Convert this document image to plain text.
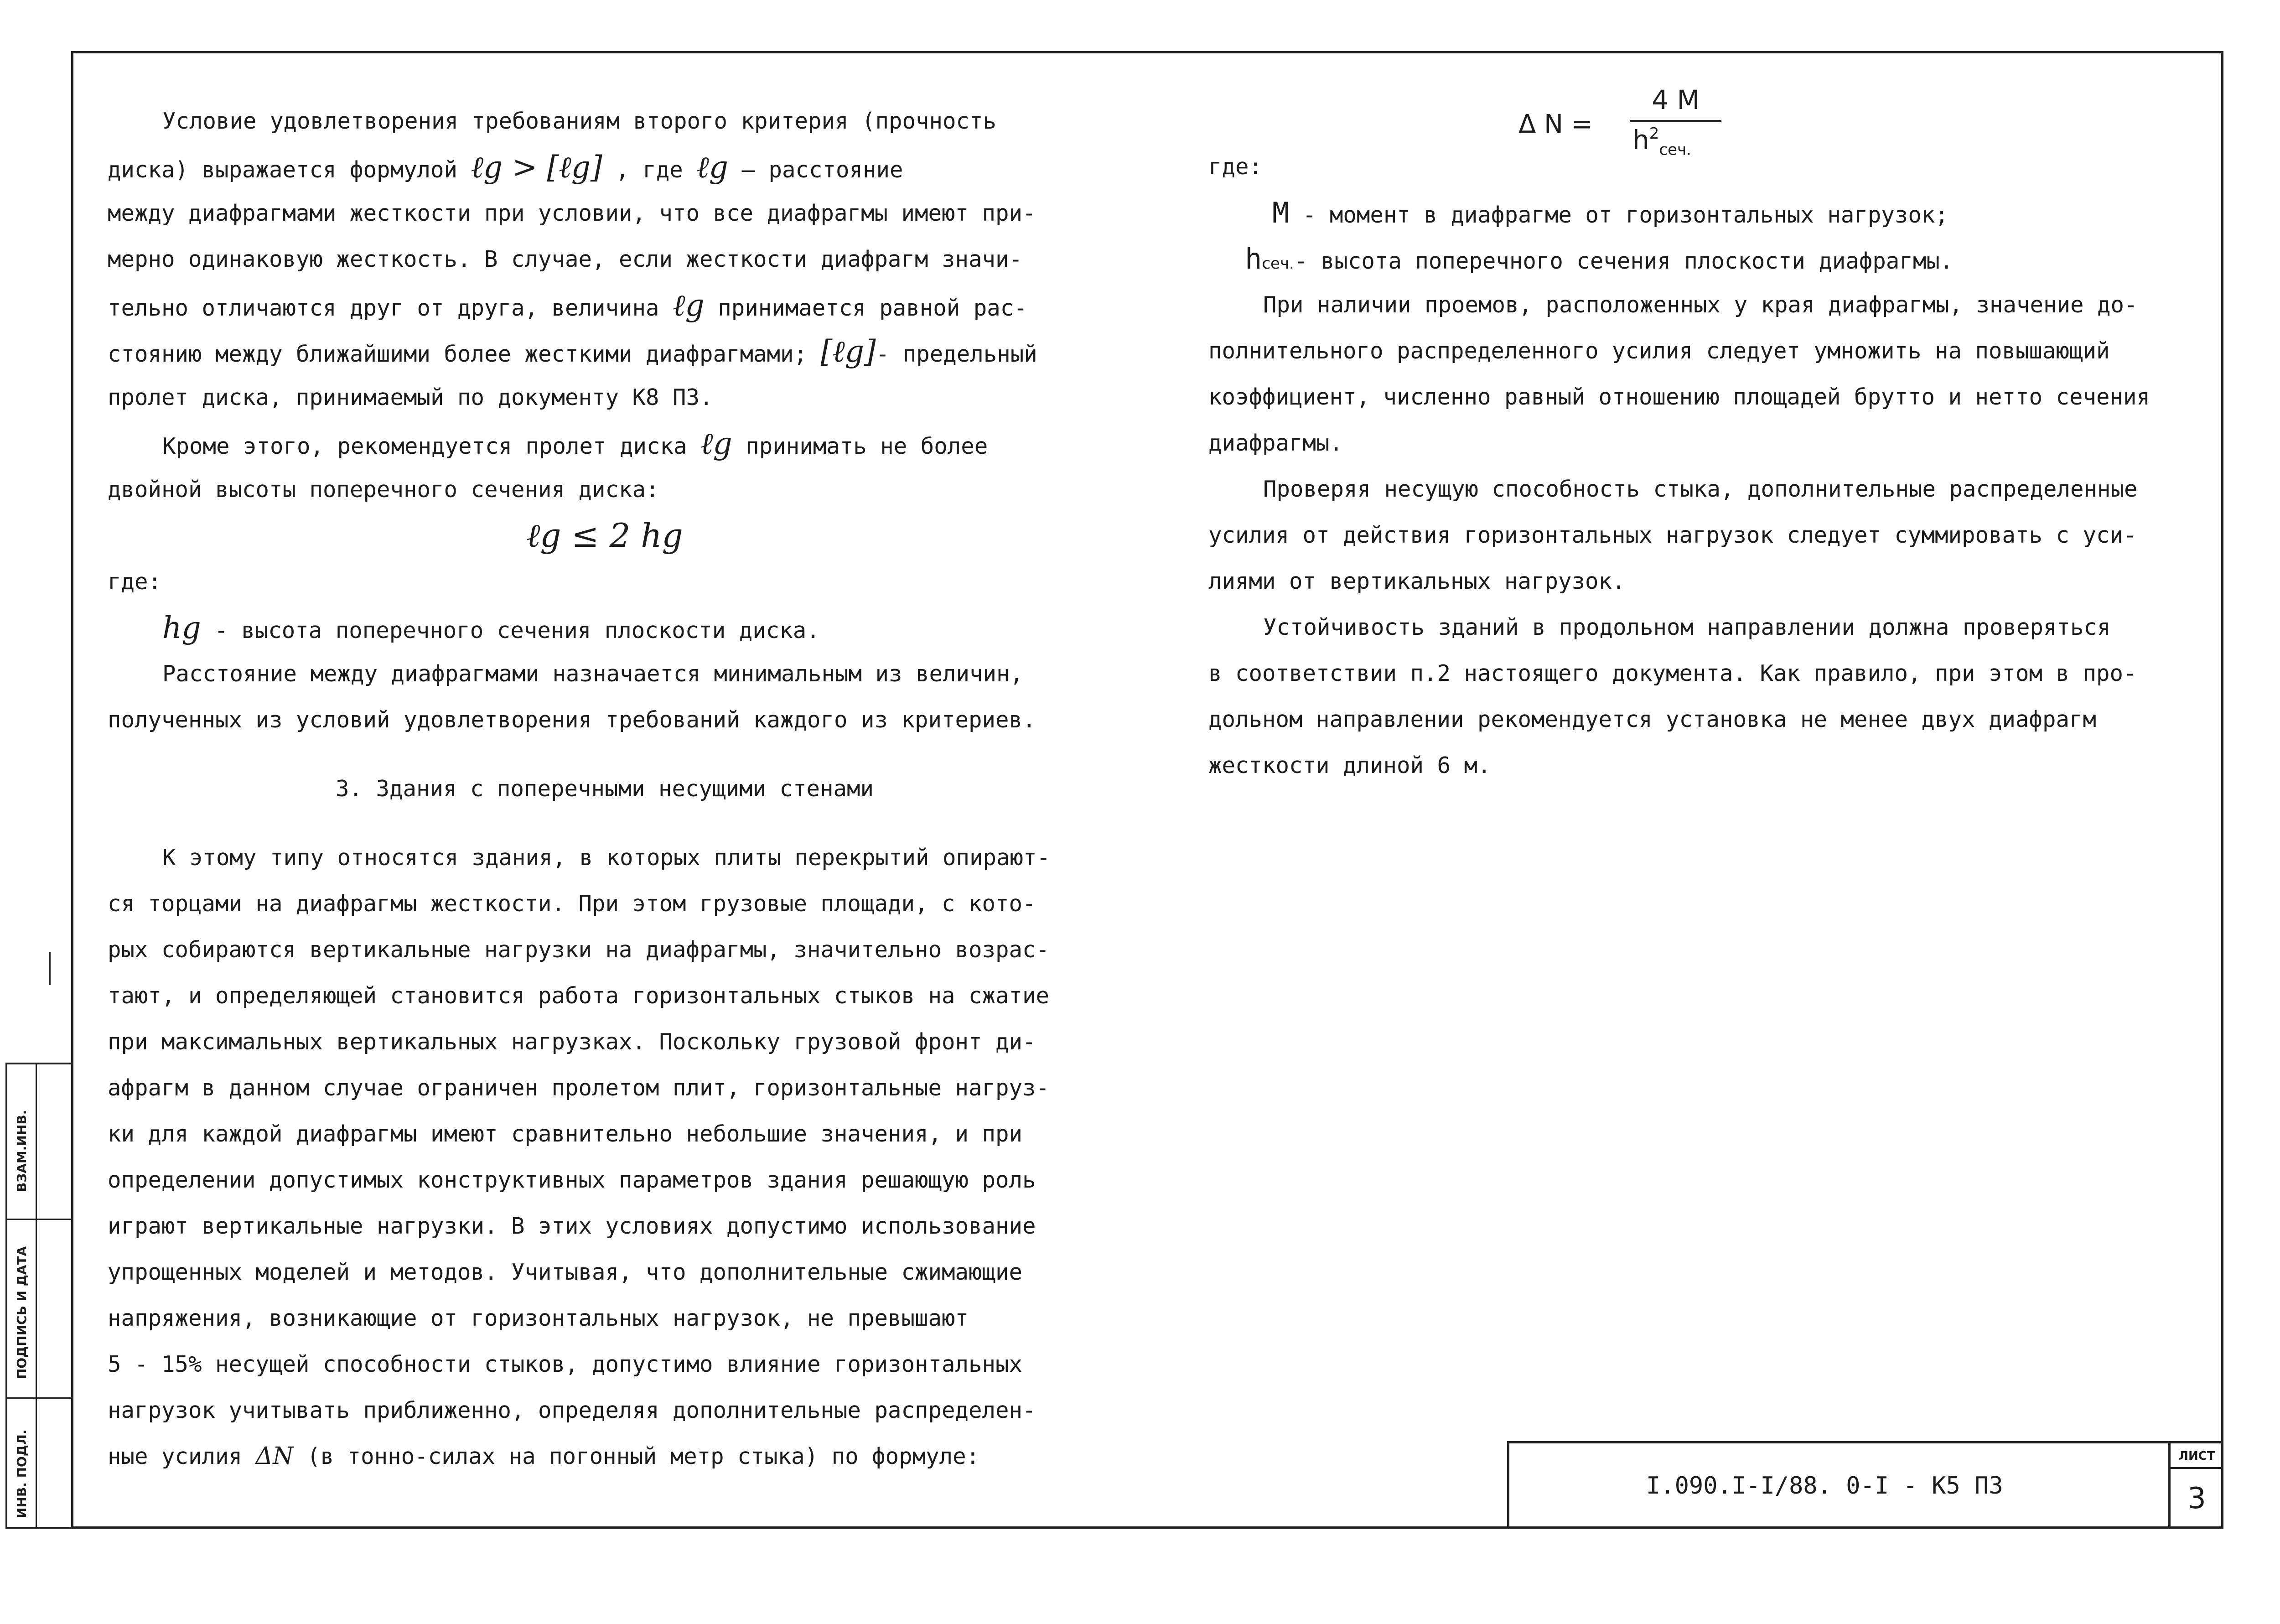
Условие удовлетворения требованиям второго критерия (прочность
диска) выражается формулой ℓg > [ℓg] , где ℓg – расстояние
между диафрагмами жесткости при условии, что все диафрагмы имеют при-
мерно одинаковую жесткость. В случае, если жесткости диафрагм значи-
тельно отличаются друг от друга, величина ℓg принимается равной рас-
стоянию между ближайшими более жесткими диафрагмами; [ℓg]- предельный
пролет диска, принимаемый по документу К8 ПЗ.
Кроме этого, рекомендуется пролет диска ℓg принимать не более
двойной высоты поперечного сечения диска:
ℓg ≤ 2 hg
где:
hg - высота поперечного сечения плоскости диска.
Расстояние между диафрагмами назначается минимальным из величин,
полученных из условий удовлетворения требований каждого из критериев.
3. Здания с поперечными несущими стенами
К этому типу относятся здания, в которых плиты перекрытий опирают-
ся торцами на диафрагмы жесткости. При этом грузовые площади, с кото-
рых собираются вертикальные нагрузки на диафрагмы, значительно возрас-
тают, и определяющей становится работа горизонтальных стыков на сжатие
при максимальных вертикальных нагрузках. Поскольку грузовой фронт ди-
афрагм в данном случае ограничен пролетом плит, горизонтальные нагруз-
ки для каждой диафрагмы имеют сравнительно небольшие значения, и при
определении допустимых конструктивных параметров здания решающую роль
играют вертикальные нагрузки. В этих условиях допустимо использование
упрощенных моделей и методов. Учитывая, что дополнительные сжимающие
напряжения, возникающие от горизонтальных нагрузок, не превышают
5 - 15% несущей способности стыков, допустимо влияние горизонтальных
нагрузок учитывать приближенно, определяя дополнительные распределен-
ные усилия ΔN (в тонно-силах на погонный метр стыка) по формуле:
Δ N =
4 M
$h^2_{сеч.}$
где:
M - момент в диафрагме от горизонтальных нагрузок;
hсеч.- высота поперечного сечения плоскости диафрагмы.
При наличии проемов, расположенных у края диафрагмы, значение до-
полнительного распределенного усилия следует умножить на повышающий
коэффициент, численно равный отношению площадей брутто и нетто сечения
диафрагмы.
Проверяя несущую способность стыка, дополнительные распределенные
усилия от действия горизонтальных нагрузок следует суммировать с уси-
лиями от вертикальных нагрузок.
Устойчивость зданий в продольном направлении должна проверяться
в соответствии п.2 настоящего документа. Как правило, при этом в про-
дольном направлении рекомендуется установка не менее двух диафрагм
жесткости длиной 6 м.
ВЗАМ.ИНВ.
ПОДПИСЬ И ДАТА
ИНВ. ПОДЛ.	I.090.I-I/88. 0-I - К5 ПЗ
ЛИСТ
3
